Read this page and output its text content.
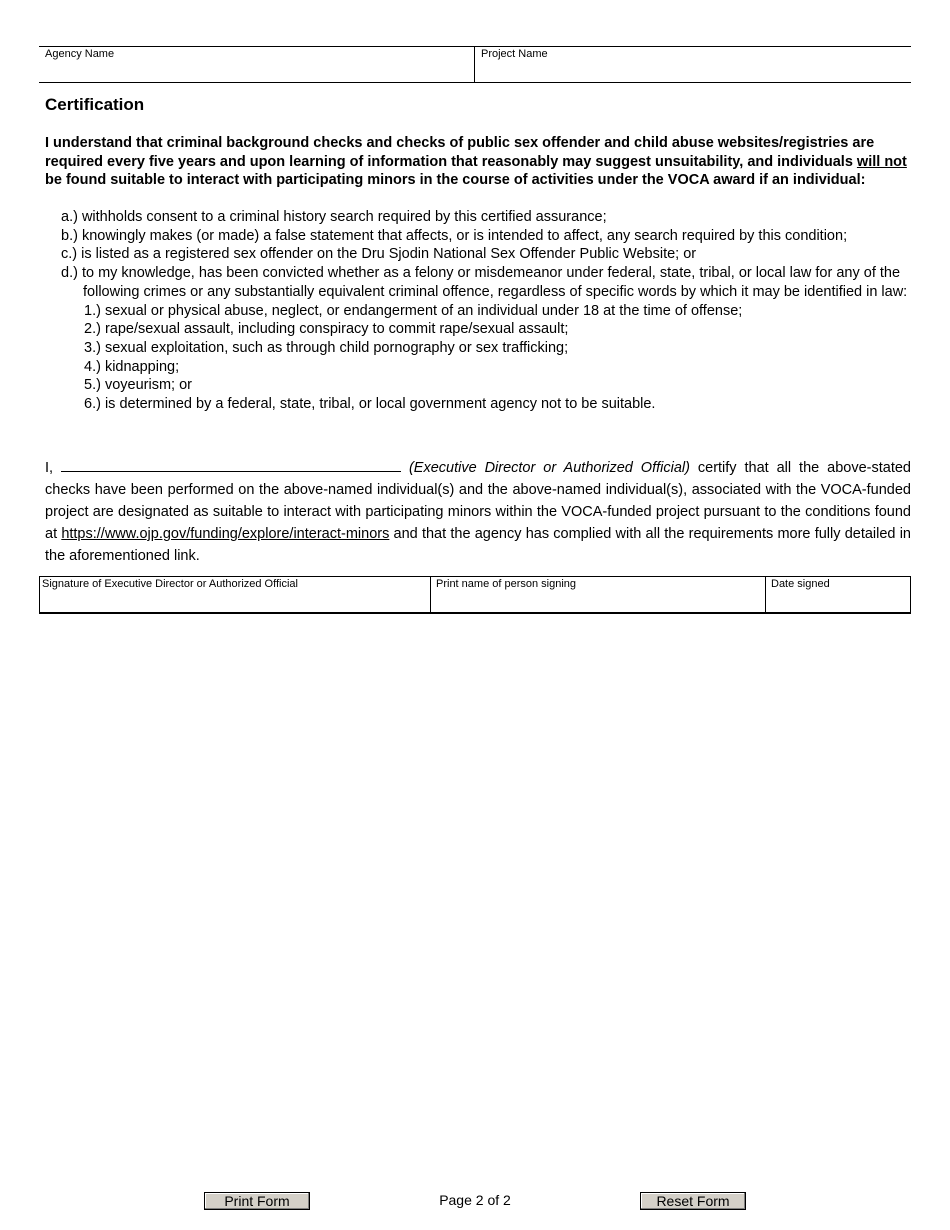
Agency Name	Project Name
Certification

I understand that criminal background checks and checks of public sex offender and child abuse websites/registries are required every five years and upon learning of information that reasonably may suggest unsuitability, and individuals will not be found suitable to interact with participating minors in the course of activities under the VOCA award if an individual:

a.) withholds consent to a criminal history search required by this certified assurance;

b.) knowingly makes (or made) a false statement that affects, or is intended to affect, any search required by this condition;

c.) is listed as a registered sex offender on the Dru Sjodin National Sex Offender Public Website; or

d.) to my knowledge, has been convicted whether as a felony or misdemeanor under federal, state, tribal, or local law for any of the following crimes or any substantially equivalent criminal offence, regardless of specific words by which it may be identified in law:

1.) sexual or physical abuse, neglect, or endangerment of an individual under 18 at the time of offense;

2.) rape/sexual assault, including conspiracy to commit rape/sexual assault;

3.) sexual exploitation, such as through child pornography or sex trafficking;

4.) kidnapping;

5.) voyeurism; or

6.) is determined by a federal, state, tribal, or local government agency not to be suitable.

I,	(Executive Director or Authorized Official) certify that all the above-stated checks have been performed on the above-named individual(s) and the above-named individual(s), associated with the VOCA-funded project are designated as suitable to interact with participating minors within the VOCA-funded project pursuant to the conditions found at https://www.ojp.gov/funding/explore/interact-minors and that the agency has complied with all the requirements more fully detailed in the aforementioned link.

Signature of Executive Director or Authorized Official	Print name of person signing	Date signed
Page 2 of 2
Print Form	Reset Form
